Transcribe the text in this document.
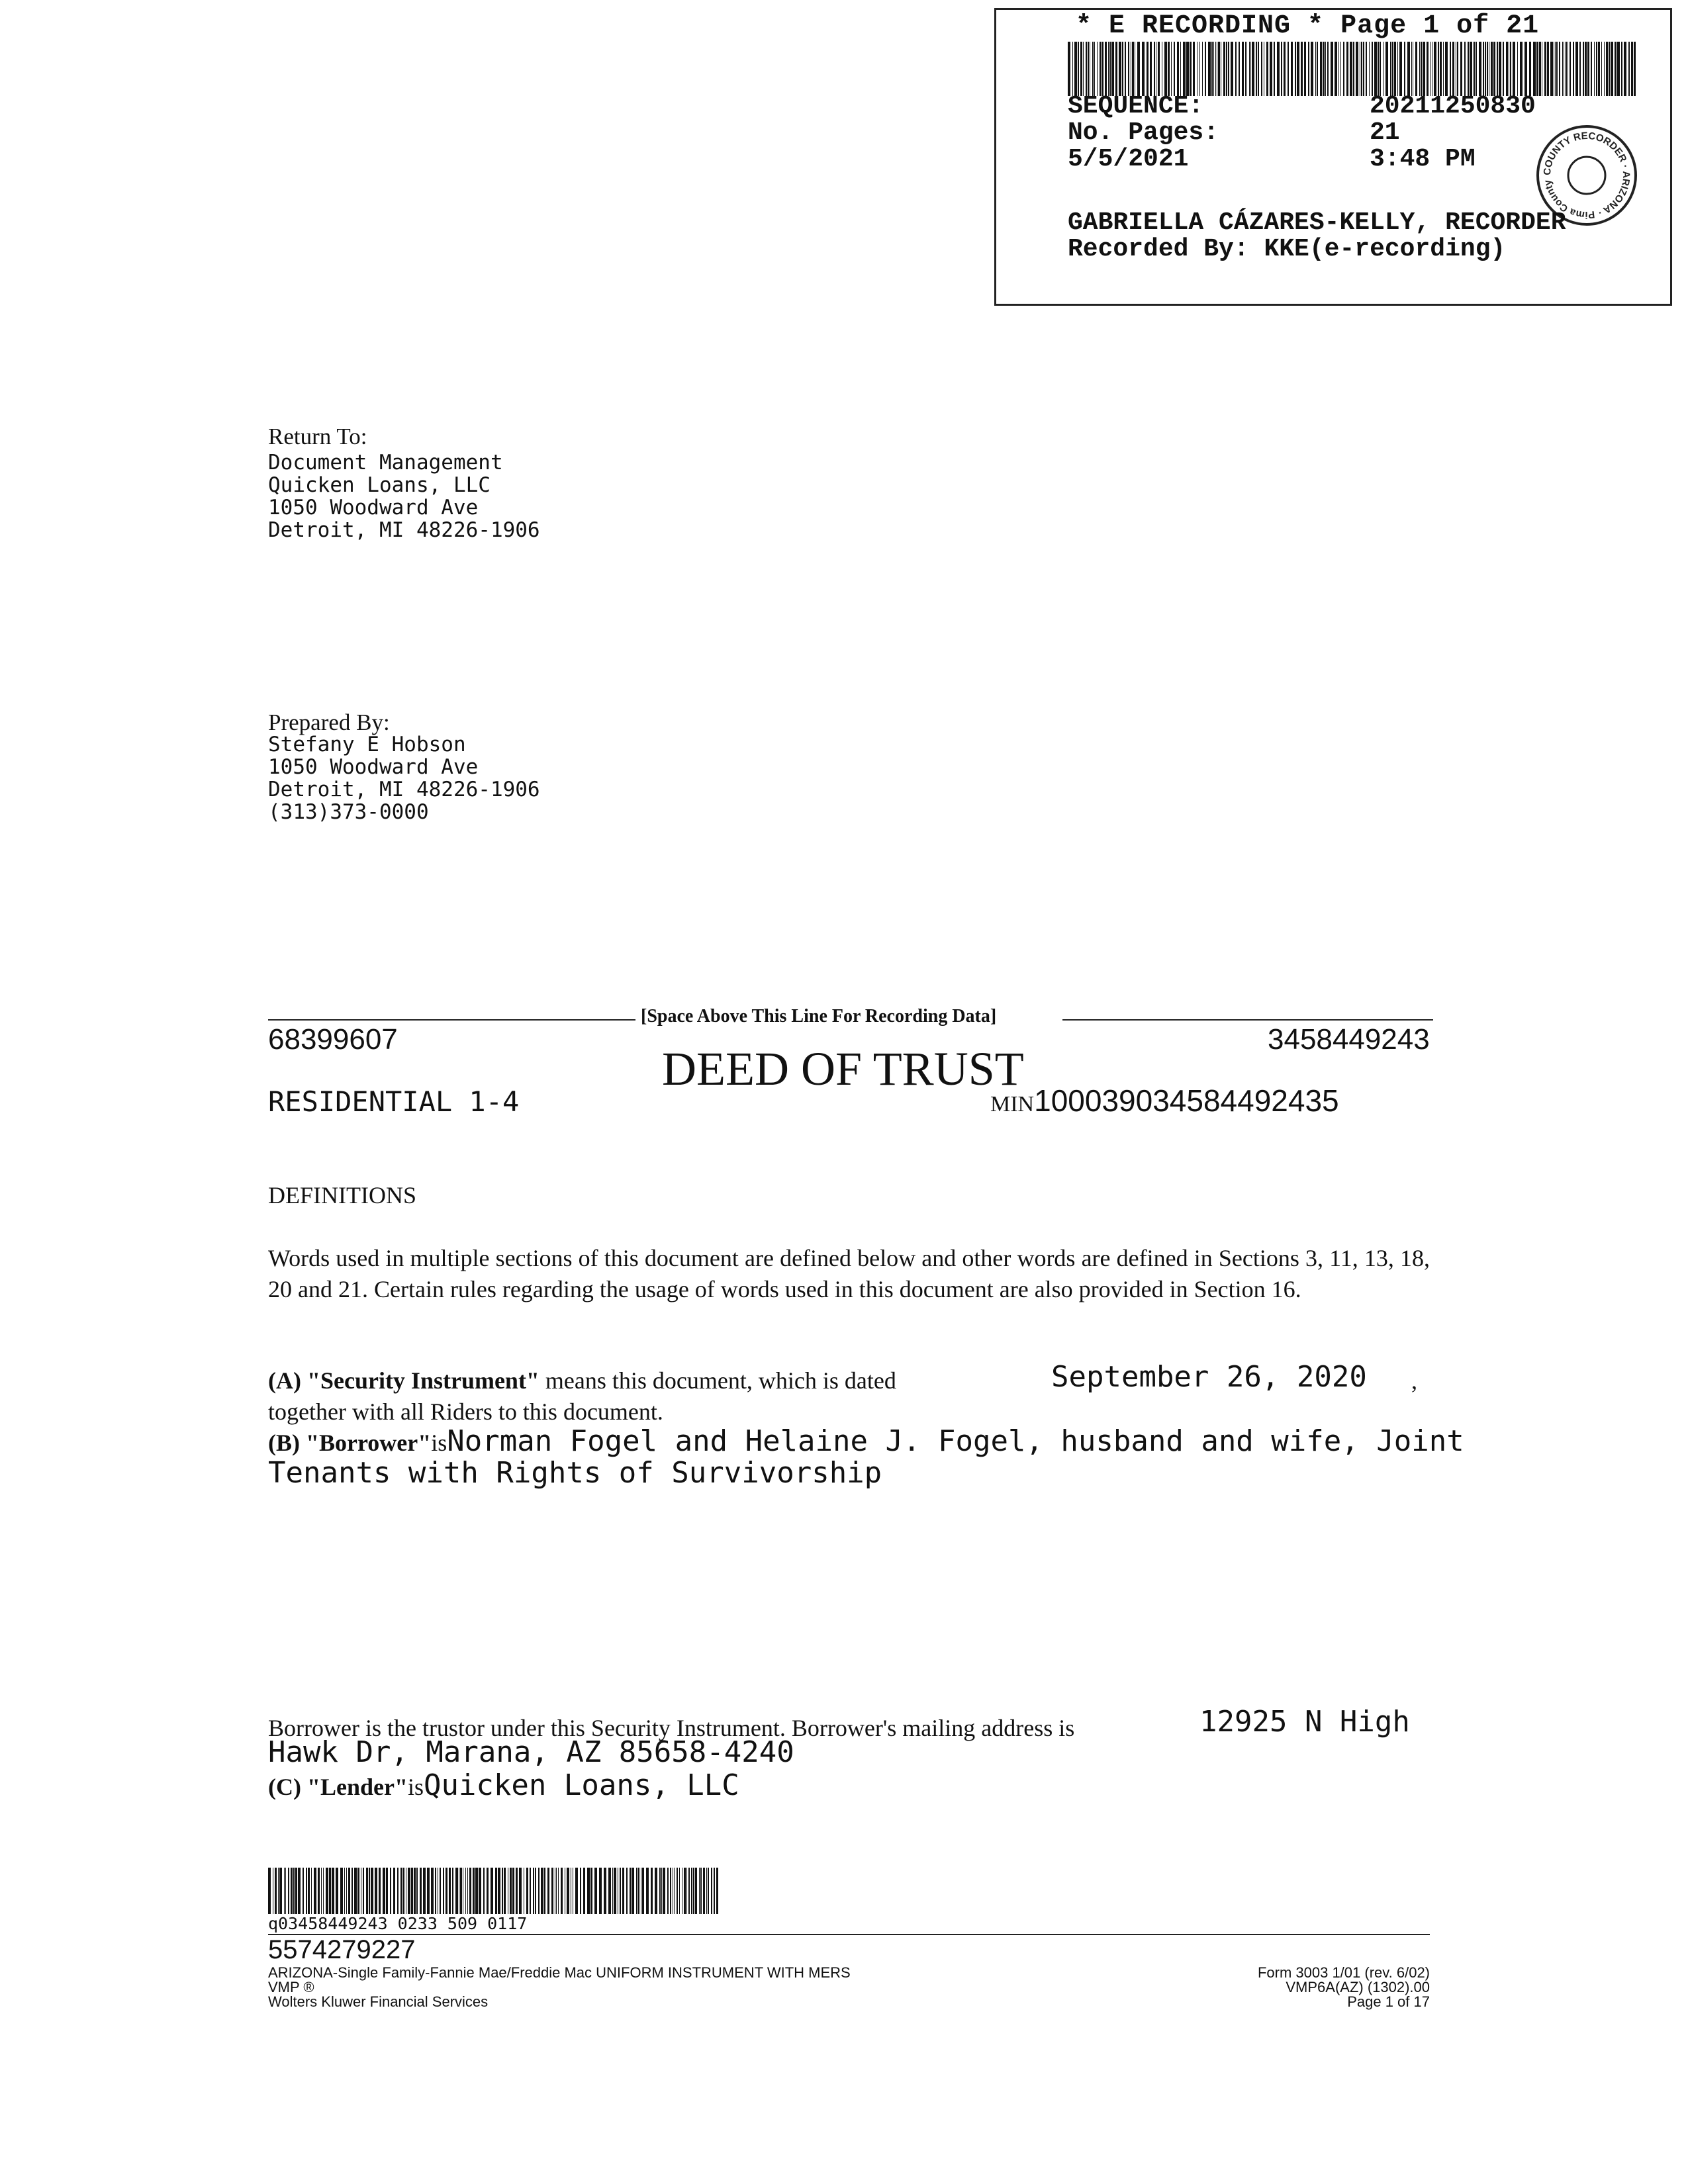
* E RECORDING * Page 1 of 21
SEQUENCE:	20211250830
No. Pages:	21
5/5/2021	3:48 PM	COUNTY RECORDER · ARIZONA · Pima County
GABRIELLA CÁZARES-KELLY, RECORDER
Recorded By: KKE(e-recording)
Return To:
Document Management
Quicken Loans, LLC
1050 Woodward Ave
Detroit, MI 48226-1906
Prepared By:
Stefany E Hobson
1050 Woodward Ave
Detroit, MI 48226-1906
(313)373-0000
[Space Above This Line For Recording Data]
68399607	3458449243
DEED OF TRUST
RESIDENTIAL 1-4	MIN100039034584492435
DEFINITIONS
Words used in multiple sections of this document are defined below and other words are defined in Sections 3, 11, 13, 18, 20 and 21. Certain rules regarding the usage of words used in this document are also provided in Section 16.
(A) "Security Instrument" means this document, which is dated	September 26, 2020 ,
together with all Riders to this document.
(B) "Borrower"isNorman Fogel and Helaine J. Fogel, husband and wife, Joint
Tenants with Rights of Survivorship
Borrower is the trustor under this Security Instrument. Borrower's mailing address is	12925 N High
Hawk Dr, Marana, AZ 85658-4240
(C) "Lender"isQuicken Loans, LLC
q03458449243 0233 509 0117
5574279227
ARIZONA-Single Family-Fannie Mae/Freddie Mac UNIFORM INSTRUMENT WITH MERS
VMP ®
Wolters Kluwer Financial Services
Form 3003 1/01 (rev. 6/02)
VMP6A(AZ) (1302).00
Page 1 of 17
